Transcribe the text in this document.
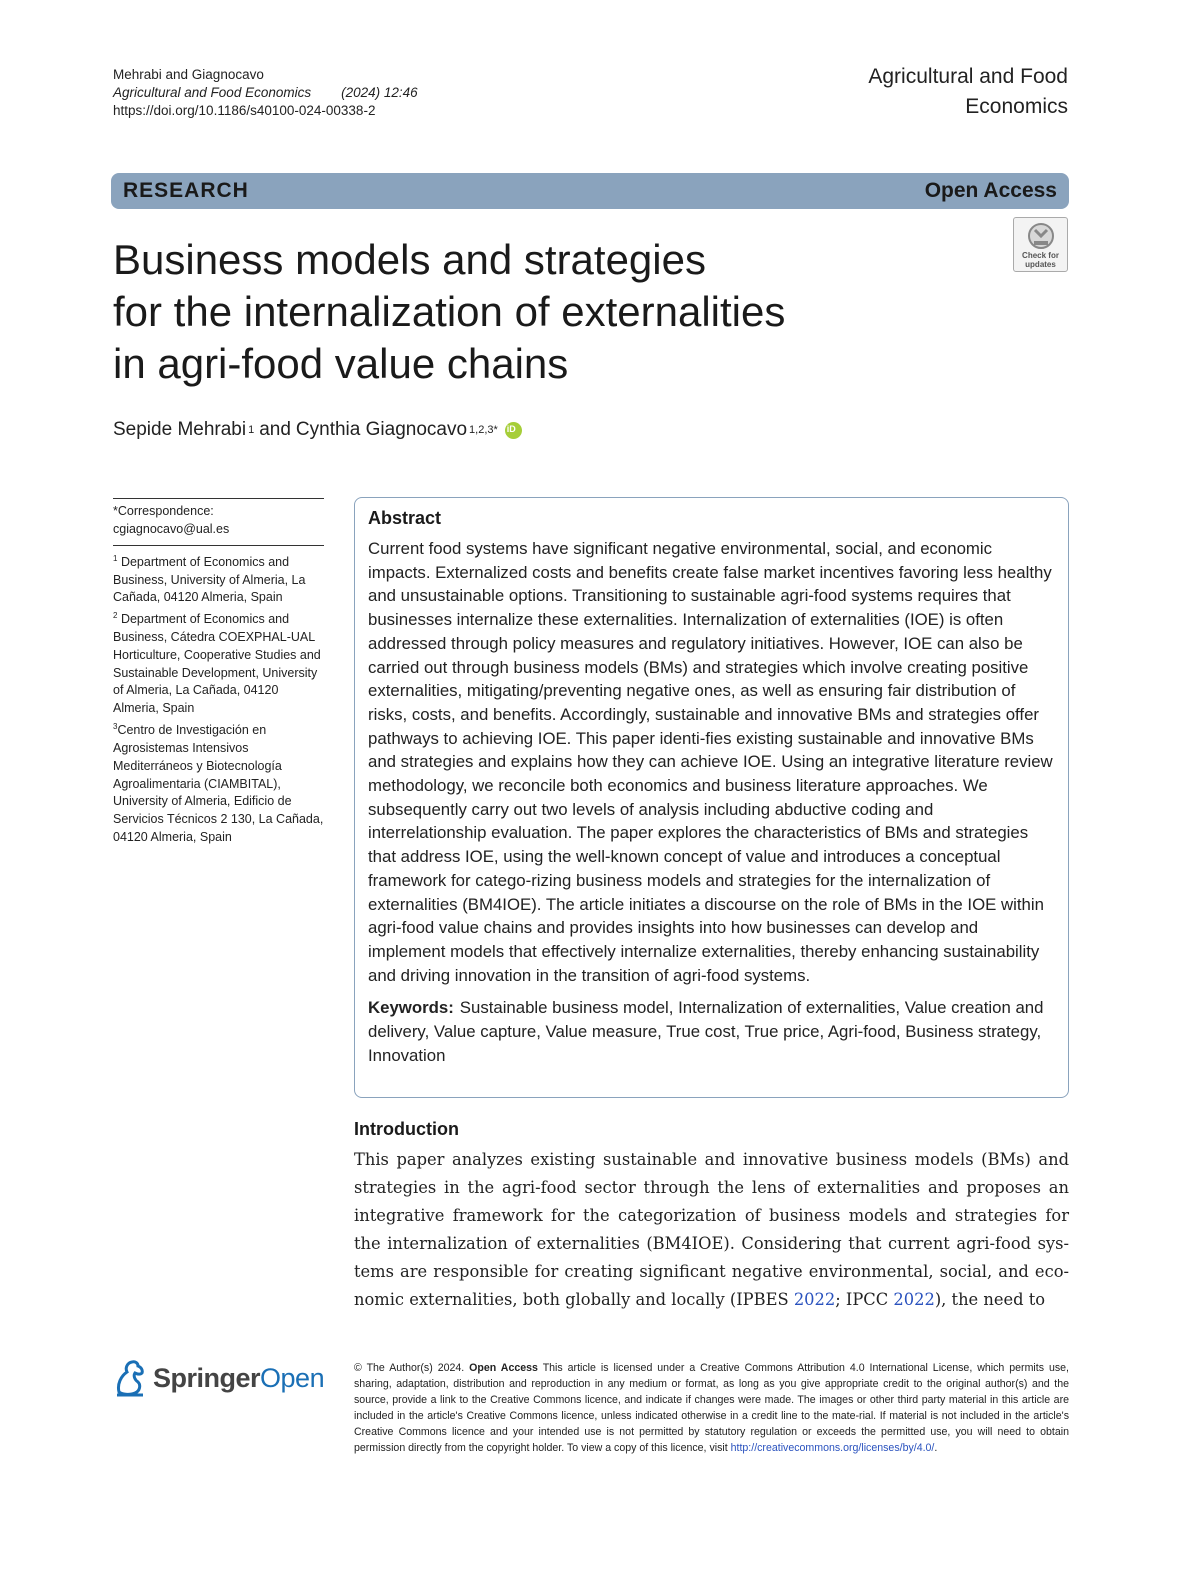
Mehrabi and Giagnocavo
Agricultural and Food Economics (2024) 12:46
https://doi.org/10.1186/s40100-024-00338-2
Agricultural and Food
Economics
RESEARCH	Open Access
Check for
updates
Business models and strategies
for the internalization of externalities
in agri-food value chains
Sepide Mehrabi 1 and Cynthia Giagnocavo 1,2,3*
iD
*Correspondence:
cgiagnocavo@ual.es
$^1$ Department of Economics and Business, University of Almeria, La Cañada, 04120 Almeria, Spain
$^2$ Department of Economics and Business, Cátedra COEXPHAL-UAL Horticulture, Cooperative Studies and Sustainable Development, University of Almeria, La Cañada, 04120 Almeria, Spain
$^3$Centro de Investigación en Agrosistemas Intensivos Mediterráneos y Biotecnología Agroalimentaria (CIAMBITAL), University of Almeria, Edificio de Servicios Técnicos 2 130, La Cañada, 04120 Almeria, Spain
Abstract

Current food systems have significant negative environmental, social, and economic impacts. Externalized costs and benefits create false market incentives favoring less healthy and unsustainable options. Transitioning to sustainable agri-food systems requires that businesses internalize these externalities. Internalization of externalities (IOE) is often addressed through policy measures and regulatory initiatives. However, IOE can also be carried out through business models (BMs) and strategies which involve creating positive externalities, mitigating/preventing negative ones, as well as ensuring fair distribution of risks, costs, and benefits. Accordingly, sustainable and innovative BMs and strategies offer pathways to achieving IOE. This paper identi-fies existing sustainable and innovative BMs and strategies and explains how they can achieve IOE. Using an integrative literature review methodology, we reconcile both economics and business literature approaches. We subsequently carry out two levels of analysis including abductive coding and interrelationship evaluation. The paper explores the characteristics of BMs and strategies that address IOE, using the well-known concept of value and introduces a conceptual framework for catego-rizing business models and strategies for the internalization of externalities (BM4IOE). The article initiates a discourse on the role of BMs in the IOE within agri-food value chains and provides insights into how businesses can develop and implement models that effectively internalize externalities, thereby enhancing sustainability and driving innovation in the transition of agri-food systems.

Keywords: Sustainable business model, Internalization of externalities, Value creation and delivery, Value capture, Value measure, True cost, True price, Agri-food, Business strategy, Innovation

Introduction

This paper analyzes existing sustainable and innovative business models (BMs) and strategies in the agri-food sector through the lens of externalities and proposes an integrative framework for the categorization of business models and strategies for the internalization of externalities (BM4IOE). Considering that current agri-food sys-tems are responsible for creating significant negative environmental, social, and eco-nomic externalities, both globally and locally (IPBES 2022; IPCC 2022), the need to

SpringerOpen	© The Author(s) 2024. Open Access This article is licensed under a Creative Commons Attribution 4.0 International License, which permits use, sharing, adaptation, distribution and reproduction in any medium or format, as long as you give appropriate credit to the original author(s) and the source, provide a link to the Creative Commons licence, and indicate if changes were made. The images or other third party material in this article are included in the article's Creative Commons licence, unless indicated otherwise in a credit line to the mate-rial. If material is not included in the article's Creative Commons licence and your intended use is not permitted by statutory regulation or exceeds the permitted use, you will need to obtain permission directly from the copyright holder. To view a copy of this licence, visit http://creativecommons.org/licenses/by/4.0/.
